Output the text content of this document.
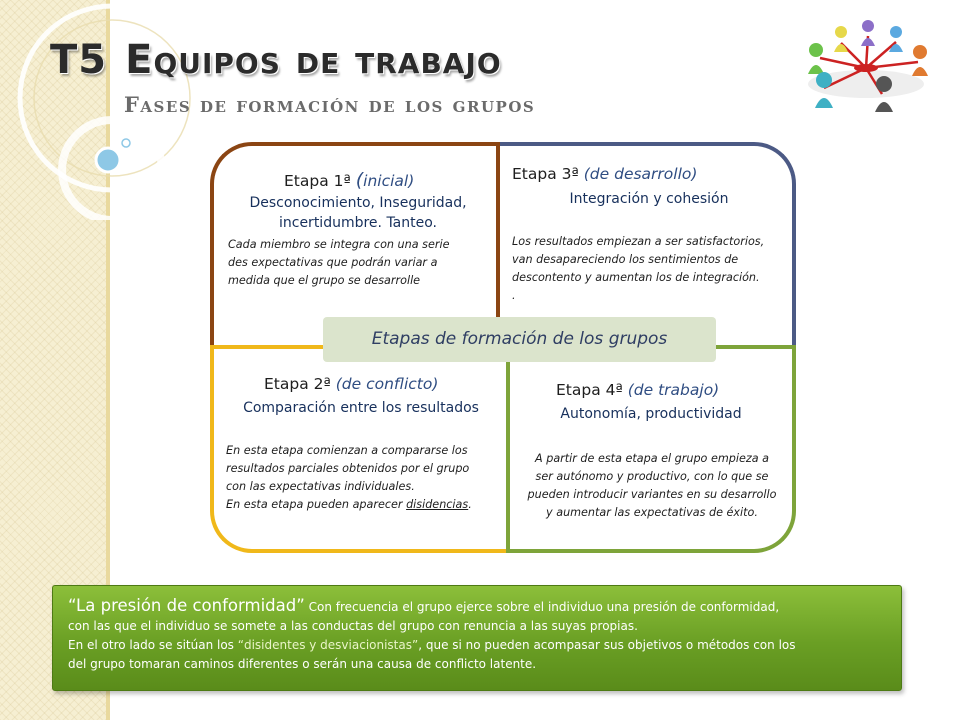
T5 Equipos de trabajo
Fases de formación de los grupos
Etapa 1ª (inicial)
Desconocimiento, Inseguridad,
incertidumbre. Tanteo.
Cada miembro se integra con una serie
des expectativas que podrán variar a
medida que el grupo se desarrolle
Etapa 3ª (de desarrollo)
Integración y cohesión
Los resultados empiezan a ser satisfactorios,
van desapareciendo los sentimientos de
descontento y aumentan los de integración.
.
Etapa 2ª (de conflicto)
Comparación entre los resultados
En esta etapa comienzan a compararse los
resultados parciales obtenidos por el grupo
con las expectativas individuales.
En esta etapa pueden aparecer disidencias.
Etapa 4ª (de trabajo)
Autonomía, productividad
A partir de esta etapa el grupo empieza a
ser autónomo y productivo, con lo que se
pueden introducir variantes en su desarrollo
y aumentar las expectativas de éxito.
Etapas de formación de los grupos

“La presión de conformidad” Con frecuencia el grupo ejerce sobre el individuo una presión de conformidad,

con las que el individuo se somete a las conductas del grupo con renuncia a las suyas propias.

En el otro lado se sitúan los “disidentes y desviacionistas”, que si no pueden acompasar sus objetivos o métodos con los

del grupo tomaran caminos diferentes o serán una causa de conflicto latente.
